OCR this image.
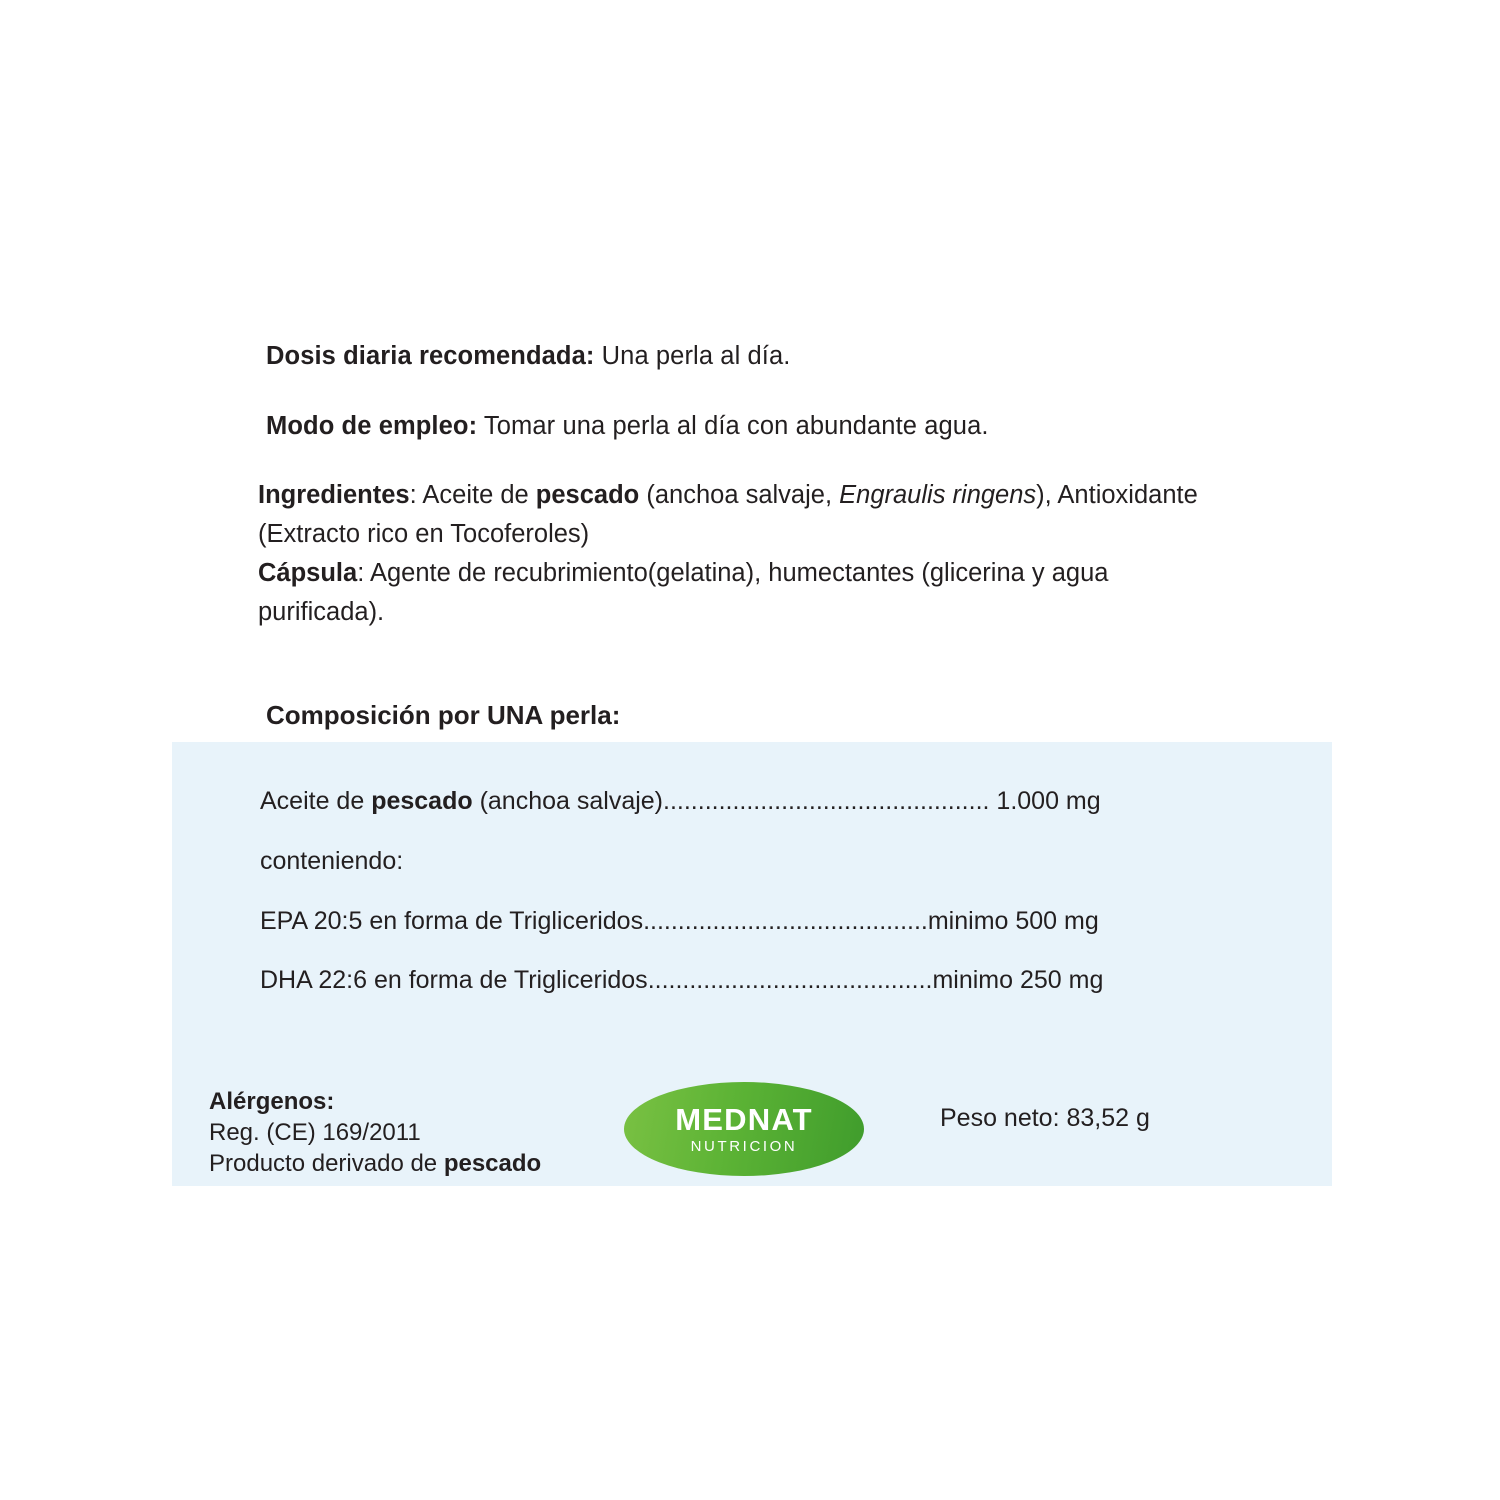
Dosis diaria recomendada: Una perla al día.
Modo de empleo: Tomar una perla al día con abundante agua.
Ingredientes: Aceite de pescado (anchoa salvaje, Engraulis ringens), Antioxidante
(Extracto rico en Tocoferoles)
Cápsula: Agente de recubrimiento(gelatina), humectantes (glicerina y agua
purificada).
Composición por UNA perla:
Aceite de pescado (anchoa salvaje)............................................... 1.000 mg
conteniendo:
EPA 20:5 en forma de Trigliceridos.........................................minimo 500 mg
DHA 22:6 en forma de Trigliceridos.........................................minimo 250 mg
Alérgenos:
Reg. (CE) 169/2011
Producto derivado de pescado
MEDNAT
NUTRICION
Peso neto: 83,52 g
